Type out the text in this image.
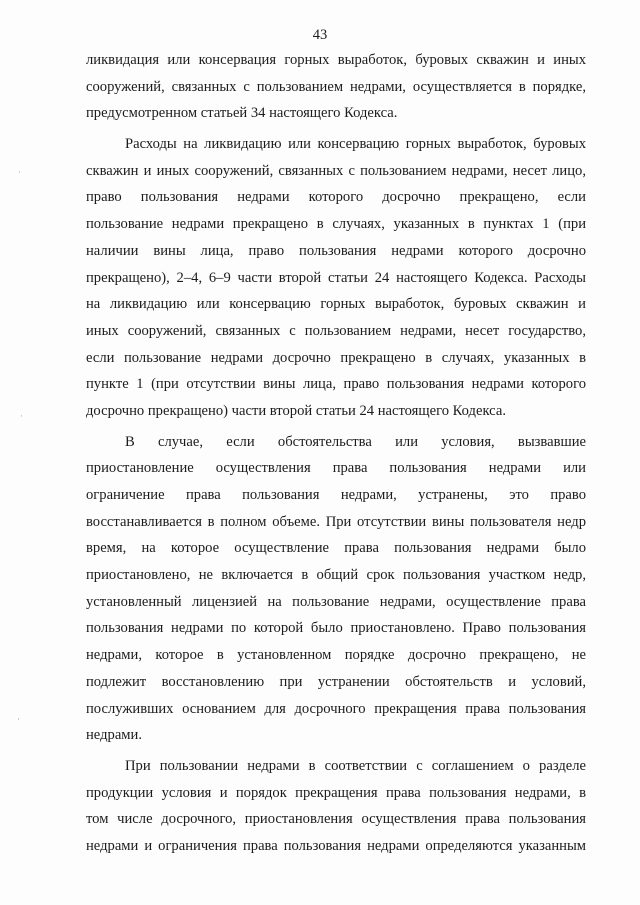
43
ликвидация или консервация горных выработок, буровых скважин и иных
сооружений, связанных с пользованием недрами, осуществляется в порядке,
предусмотренном статьей 34 настоящего Кодекса.
Расходы на ликвидацию или консервацию горных выработок, буровых
скважин и иных сооружений, связанных с пользованием недрами, несет лицо,
право пользования недрами которого досрочно прекращено, если
пользование недрами прекращено в случаях, указанных в пунктах 1 (при
наличии вины лица, право пользования недрами которого досрочно
прекращено), 2–4, 6–9 части второй статьи 24 настоящего Кодекса. Расходы
на ликвидацию или консервацию горных выработок, буровых скважин и
иных сооружений, связанных с пользованием недрами, несет государство,
если пользование недрами досрочно прекращено в случаях, указанных в
пункте 1 (при отсутствии вины лица, право пользования недрами которого
досрочно прекращено) части второй статьи 24 настоящего Кодекса.
В случае, если обстоятельства или условия, вызвавшие
приостановление осуществления права пользования недрами или
ограничение права пользования недрами, устранены, это право
восстанавливается в полном объеме. При отсутствии вины пользователя недр
время, на которое осуществление права пользования недрами было
приостановлено, не включается в общий срок пользования участком недр,
установленный лицензией на пользование недрами, осуществление права
пользования недрами по которой было приостановлено. Право пользования
недрами, которое в установленном порядке досрочно прекращено, не
подлежит восстановлению при устранении обстоятельств и условий,
послуживших основанием для досрочного прекращения права пользования
недрами.
При пользовании недрами в соответствии с соглашением о разделе
продукции условия и порядок прекращения права пользования недрами, в
том числе досрочного, приостановления осуществления права пользования
недрами и ограничения права пользования недрами определяются указанным
·
·
·
